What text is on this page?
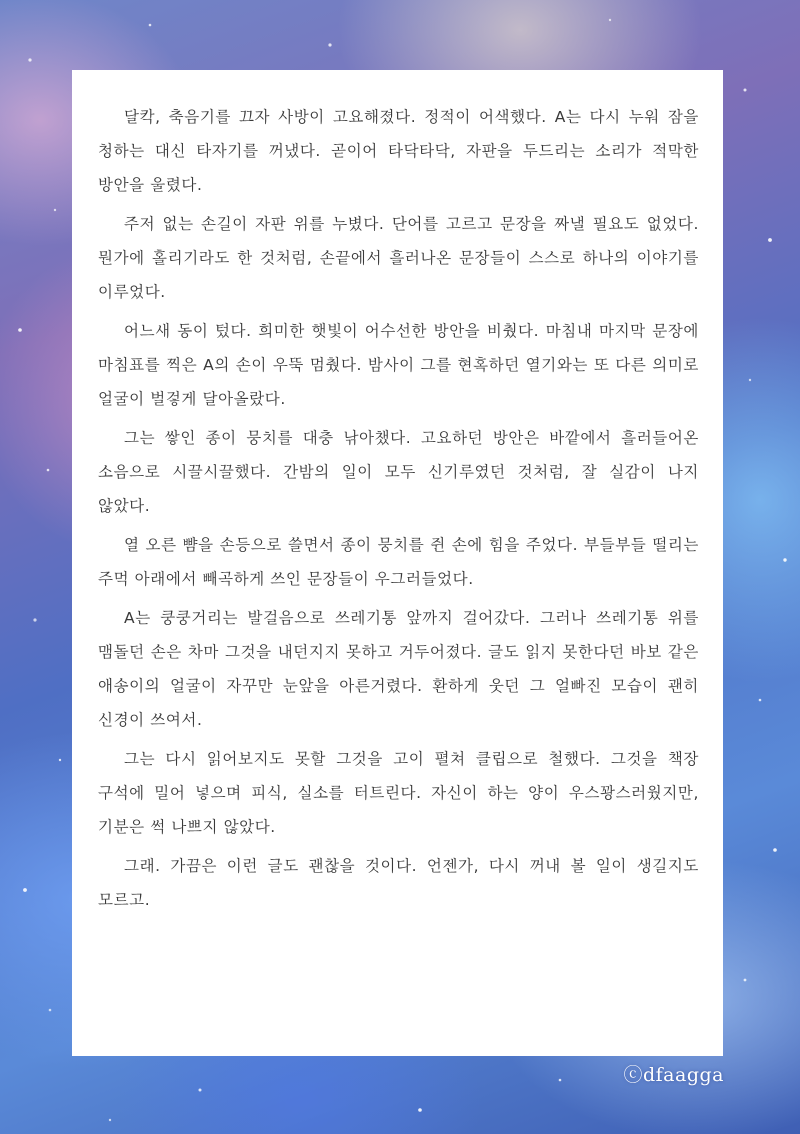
달칵, 축음기를 끄자 사방이 고요해졌다. 정적이 어색했다. A는 다시 누워 잠을 청하는 대신 타자기를 꺼냈다. 곧이어 타닥타닥, 자판을 두드리는 소리가 적막한 방안을 울렸다.

주저 없는 손길이 자판 위를 누볐다. 단어를 고르고 문장을 짜낼 필요도 없었다. 뭔가에 홀리기라도 한 것처럼, 손끝에서 흘러나온 문장들이 스스로 하나의 이야기를 이루었다.

어느새 동이 텄다. 희미한 햇빛이 어수선한 방안을 비췄다. 마침내 마지막 문장에 마침표를 찍은 A의 손이 우뚝 멈췄다. 밤사이 그를 현혹하던 열기와는 또 다른 의미로 얼굴이 벌겋게 달아올랐다.

그는 쌓인 종이 뭉치를 대충 낚아챘다. 고요하던 방안은 바깥에서 흘러들어온 소음으로 시끌시끌했다. 간밤의 일이 모두 신기루였던 것처럼, 잘 실감이 나지 않았다.

열 오른 뺨을 손등으로 쓸면서 종이 뭉치를 쥔 손에 힘을 주었다. 부들부들 떨리는 주먹 아래에서 빼곡하게 쓰인 문장들이 우그러들었다.

A는 쿵쿵거리는 발걸음으로 쓰레기통 앞까지 걸어갔다. 그러나 쓰레기통 위를 맴돌던 손은 차마 그것을 내던지지 못하고 거두어졌다. 글도 읽지 못한다던 바보 같은 애송이의 얼굴이 자꾸만 눈앞을 아른거렸다. 환하게 웃던 그 얼빠진 모습이 괜히 신경이 쓰여서.

그는 다시 읽어보지도 못할 그것을 고이 펼쳐 클립으로 철했다. 그것을 책장 구석에 밀어 넣으며 피식, 실소를 터트린다. 자신이 하는 양이 우스꽝스러웠지만, 기분은 썩 나쁘지 않았다.

그래. 가끔은 이런 글도 괜찮을 것이다. 언젠가, 다시 꺼내 볼 일이 생길지도 모르고.

ⓒdfaagga
